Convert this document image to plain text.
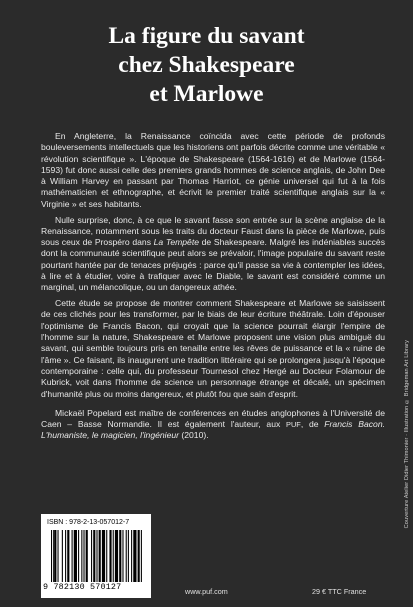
La figure du savant
chez Shakespeare
et Marlowe

En Angleterre, la Renaissance coïncida avec cette période de profonds bouleversements intellectuels que les historiens ont parfois décrite comme une véritable « révolution scientifique ». L'époque de Shakespeare (1564-1616) et de Marlowe (1564-1593) fut donc aussi celle des premiers grands hommes de science anglais, de John Dee à William Harvey en passant par Thomas Harriot, ce génie universel qui fut à la fois mathématicien et ethnographe, et écrivit le premier traité scientifique anglais sur la « Virginie » et ses habitants.

Nulle surprise, donc, à ce que le savant fasse son entrée sur la scène anglaise de la Renaissance, notamment sous les traits du docteur Faust dans la pièce de Marlowe, puis sous ceux de Prospéro dans La Tempête de Shakespeare. Malgré les indéniables succès dont la communauté scientifique peut alors se prévaloir, l'image populaire du savant reste pourtant hantée par de tenaces préjugés : parce qu'il passe sa vie à contempler les idées, à lire et à étudier, voire à trafiquer avec le Diable, le savant est considéré comme un marginal, un mélancolique, ou un dangereux athée.

Cette étude se propose de montrer comment Shakespeare et Marlowe se saisissent de ces clichés pour les transformer, par le biais de leur écriture théâtrale. Loin d'épouser l'optimisme de Francis Bacon, qui croyait que la science pourrait élargir l'empire de l'homme sur la nature, Shakespeare et Marlowe proposent une vision plus ambiguë du savant, qui semble toujours pris en tenaille entre les rêves de puissance et la « ruine de l'âme ». Ce faisant, ils inaugurent une tradition littéraire qui se prolongera jusqu'à l'époque contemporaine : celle qui, du professeur Tournesol chez Hergé au Docteur Folamour de Kubrick, voit dans l'homme de science un personnage étrange et décalé, un spécimen d'humanité plus ou moins dangereux, et plutôt fou que sain d'esprit.

Mickaël Popelard est maître de conférences en études anglophones à l'Université de Caen – Basse Normandie. Il est également l'auteur, aux PUF, de Francis Bacon. L'humaniste, le magicien, l'ingénieur (2010).	Couverture Atelier Didier Thimonier · Illustration © Bridgeman Art Library
ISBN : 978-2-13-057012-7
9 782130 570127	www.puf.com	29 € TTC France
